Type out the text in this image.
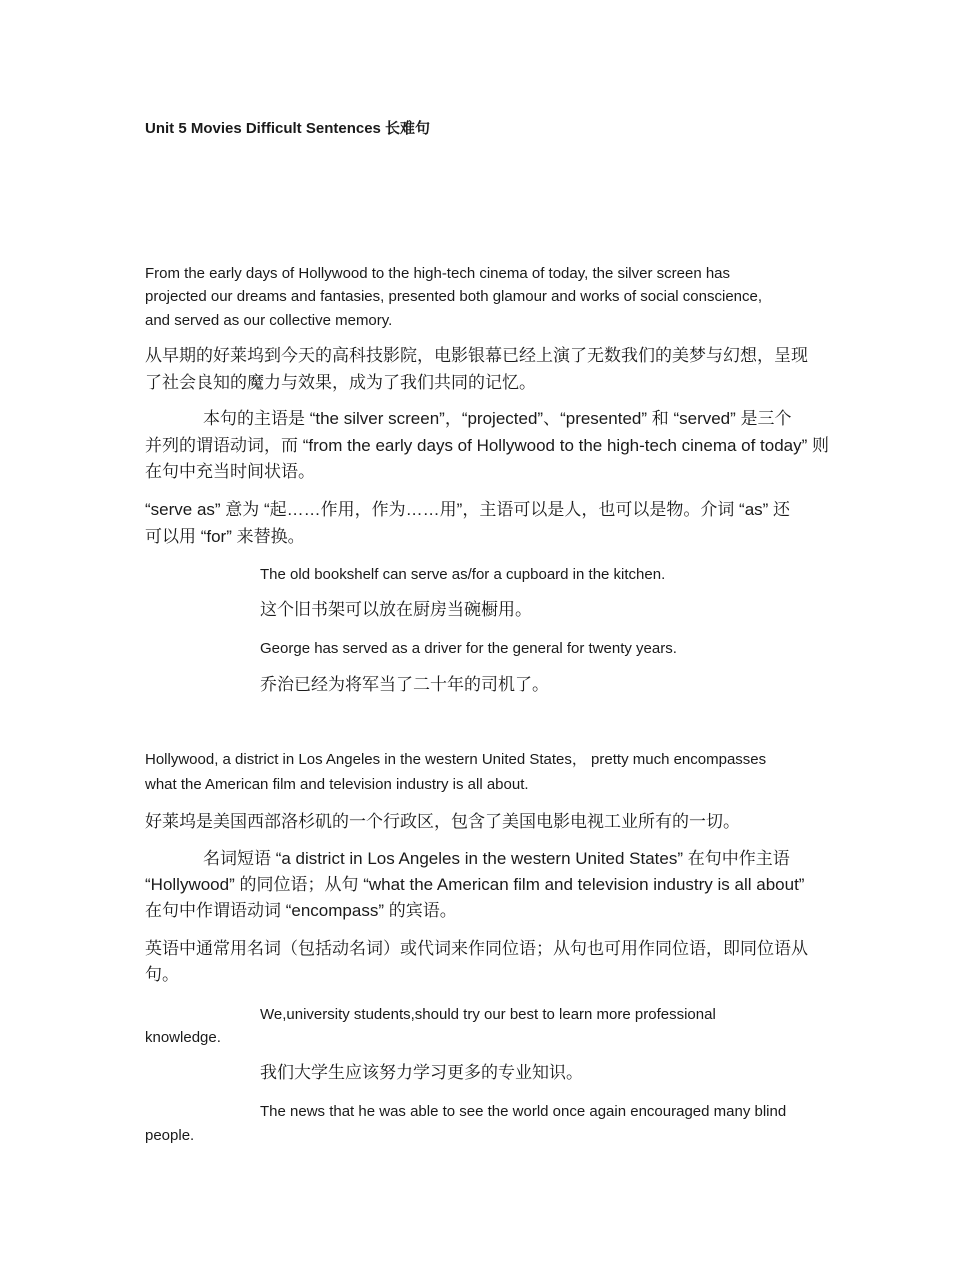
Unit 5 Movies Difficult Sentences 长难句

From the early days of Hollywood to the high-tech cinema of today, the silver screen has

projected our dreams and fantasies, presented both glamour and works of social conscience,

and served as our collective memory.

从早期的好莱坞到今天的高科技影院，电影银幕已经上演了无数我们的美梦与幻想，呈现

了社会良知的魔力与效果，成为了我们共同的记忆。

本句的主语是 “the silver screen”，“projected”、“presented” 和 “served” 是三个

并列的谓语动词，而 “from the early days of Hollywood to the high-tech cinema of today” 则

在句中充当时间状语。

“serve as” 意为 “起……作用，作为……用”，主语可以是人，也可以是物。介词 “as” 还

可以用 “for” 来替换。

The old bookshelf can serve as/for a cupboard in the kitchen.

这个旧书架可以放在厨房当碗橱用。

George has served as a driver for the general for twenty years.

乔治已经为将军当了二十年的司机了。

Hollywood, a district in Los Angeles in the western United States， pretty much encompasses

what the American film and television industry is all about.

好莱坞是美国西部洛杉矶的一个行政区，包含了美国电影电视工业所有的一切。

名词短语 “a district in Los Angeles in the western United States” 在句中作主语

“Hollywood” 的同位语；从句 “what the American film and television industry is all about”

在句中作谓语动词 “encompass” 的宾语。

英语中通常用名词（包括动名词）或代词来作同位语；从句也可用作同位语，即同位语从

句。

We,university students,should try our best to learn more professional

knowledge.

我们大学生应该努力学习更多的专业知识。

The news that he was able to see the world once again encouraged many blind

people.
